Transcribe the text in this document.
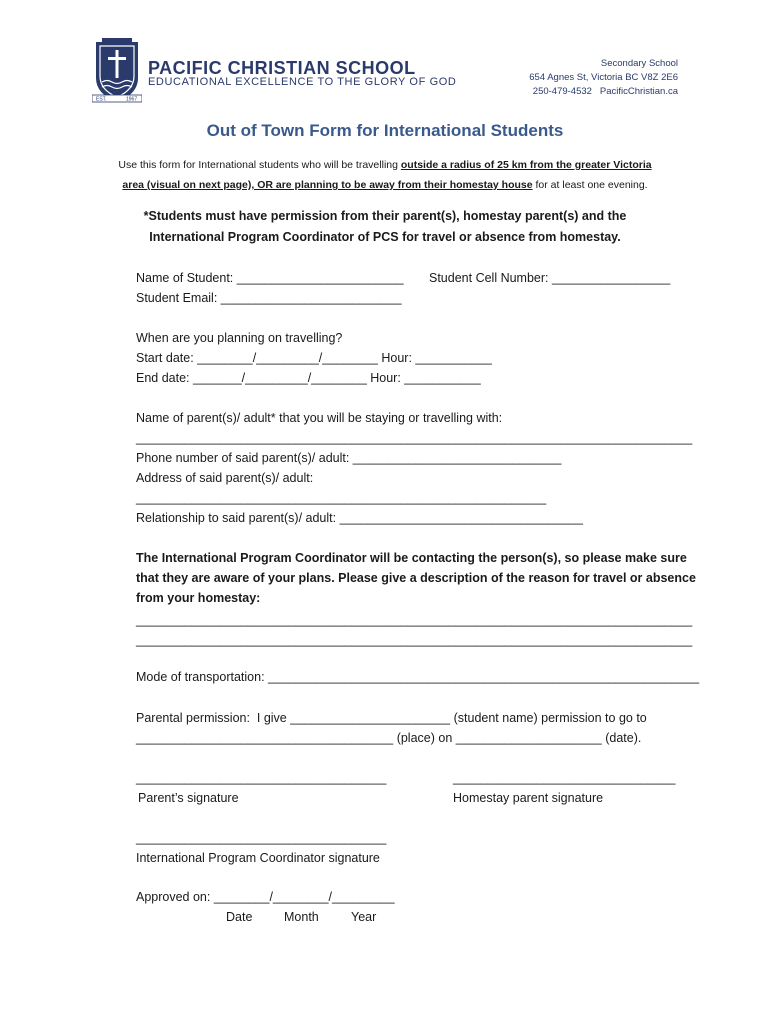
EST.	1967
PACIFIC CHRISTIAN SCHOOL
EDUCATIONAL EXCELLENCE TO THE GLORY OF GOD
Secondary School
654 Agnes St, Victoria BC V8Z 2E6
250-479-4532   PacificChristian.ca
Out of Town Form for International Students
Use this form for International students who will be travelling outside a radius of 25 km from the greater Victoria
area (visual on next page), OR are planning to be away from their homestay house for at least one evening.
*Students must have permission from their parent(s), homestay parent(s) and the
International Program Coordinator of PCS for travel or absence from homestay.
Name of Student: ________________________ Student Cell Number: _________________
Student Email: __________________________
When are you planning on travelling?
Start date: ________/_________/________ Hour: ___________
End date: _______/_________/________ Hour: ___________
Name of parent(s)/ adult* that you will be staying or travelling with:
________________________________________________________________________________
Phone number of said parent(s)/ adult: ______________________________
Address of said parent(s)/ adult:
___________________________________________________________
Relationship to said parent(s)/ adult: ___________________________________
The International Program Coordinator will be contacting the person(s), so please make sure
that they are aware of your plans. Please give a description of the reason for travel or absence
from your homestay:
________________________________________________________________________________
________________________________________________________________________________
Mode of transportation: ______________________________________________________________
Parental permission:  I give _______________________ (student name) permission to go to
_____________________________________ (place) on _____________________ (date).
____________________________________	________________________________
Parent’s signature	Homestay parent signature
____________________________________
International Program Coordinator signature
Approved on: ________/________/_________
Date	Month	Year
